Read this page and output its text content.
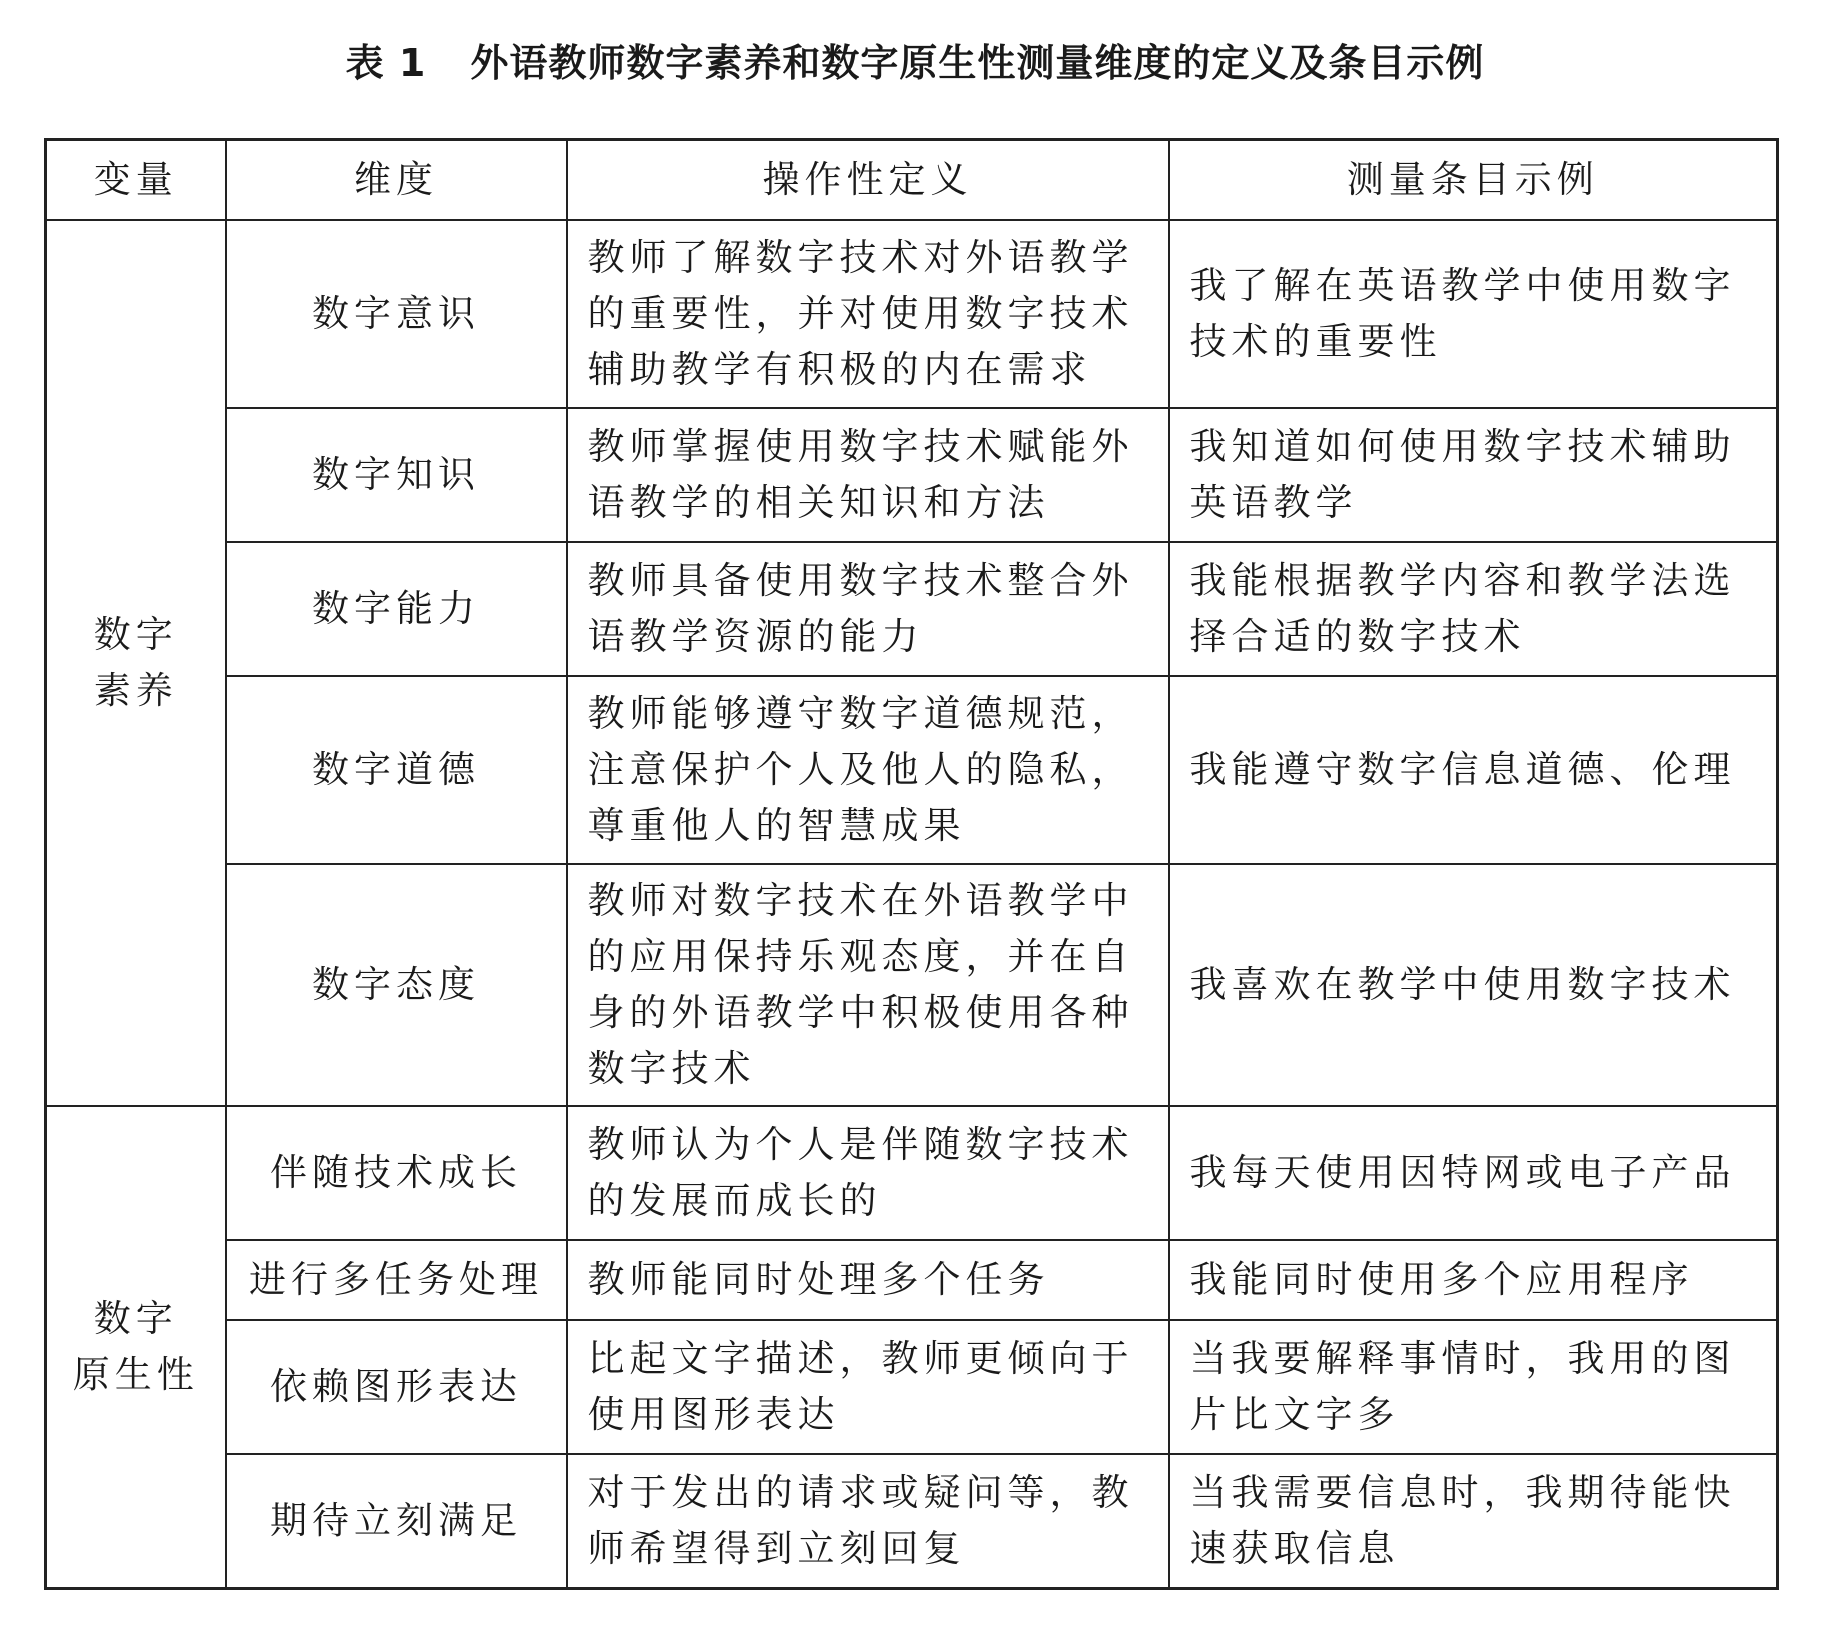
表 1 外语教师数字素养和数字原生性测量维度的定义及条目示例
变量	维度	操作性定义	测量条目示例

数字
素养	数字意识	教师了解数字技术对外语教学的重要性，并对使用数字技术辅助教学有积极的内在需求	我了解在英语教学中使用数字技术的重要性
	数字知识	教师掌握使用数字技术赋能外语教学的相关知识和方法	我知道如何使用数字技术辅助英语教学
	数字能力	教师具备使用数字技术整合外语教学资源的能力	我能根据教学内容和教学法选择合适的数字技术
	数字道德	教师能够遵守数字道德规范，注意保护个人及他人的隐私，尊重他人的智慧成果	我能遵守数字信息道德、伦理
	数字态度	教师对数字技术在外语教学中的应用保持乐观态度，并在自身的外语教学中积极使用各种数字技术	我喜欢在教学中使用数字技术

数字
原生性	伴随技术成长	教师认为个人是伴随数字技术的发展而成长的	我每天使用因特网或电子产品
	进行多任务处理	教师能同时处理多个任务	我能同时使用多个应用程序
	依赖图形表达	比起文字描述，教师更倾向于使用图形表达	当我要解释事情时，我用的图片比文字多
	期待立刻满足	对于发出的请求或疑问等，教师希望得到立刻回复	当我需要信息时，我期待能快速获取信息
